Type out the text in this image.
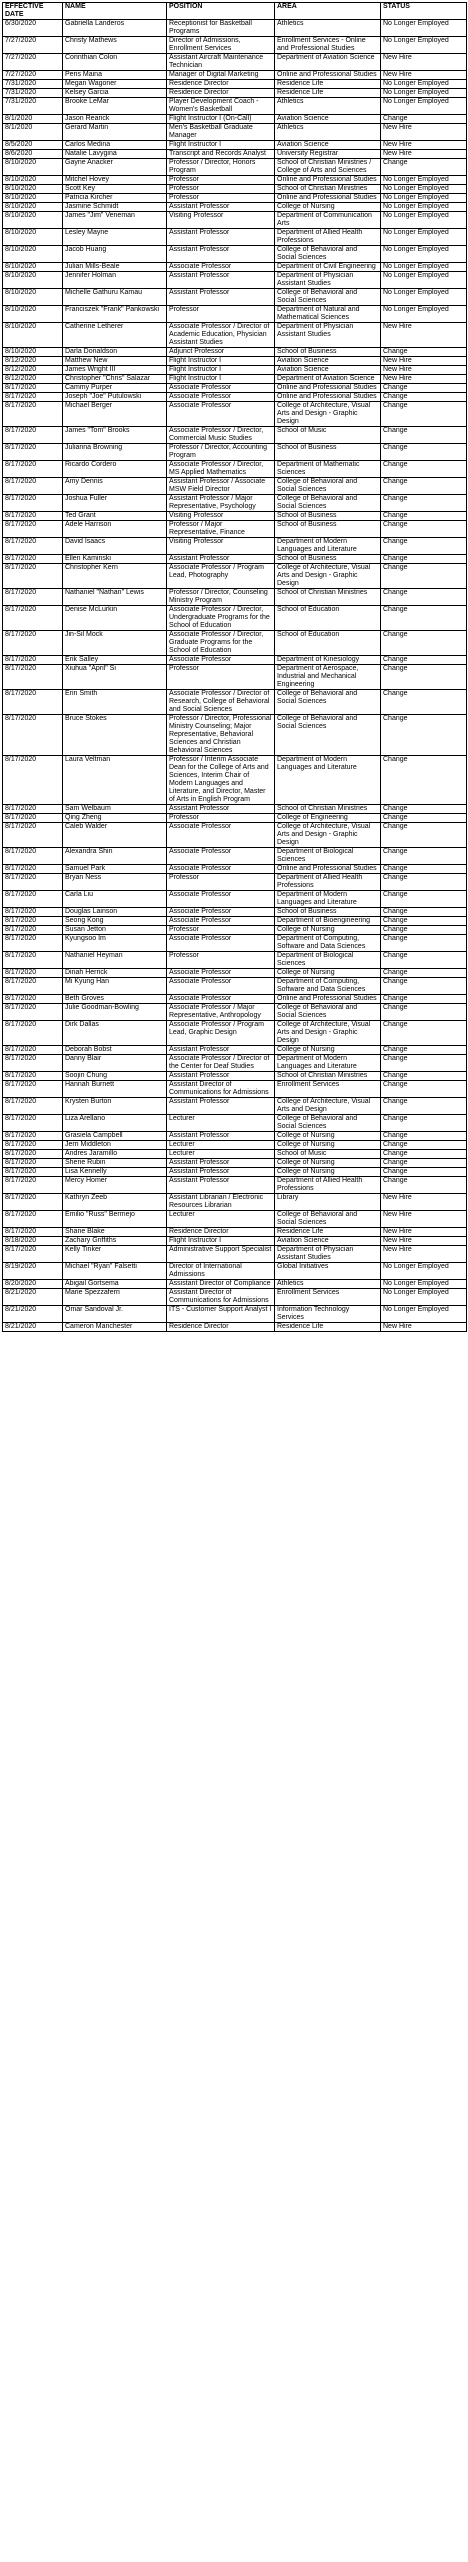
EFFECTIVE DATE	NAME	POSITION	AREA	STATUS
6/30/2020	Gabriella Landeros	Receptionist for Basketball Programs	Athletics	No Longer Employed
7/27/2020	Christy Mathews	Director of Admissions, Enrollment Services	Enrollment Services - Online and Professional Studies	No Longer Employed
7/27/2020	Corinthian Colon	Assistant Aircraft Maintenance Technician	Department of Aviation Science	New Hire
7/27/2020	Peris Maina	Manager of Digital Marketing	Online and Professional Studies	New Hire
7/31/2020	Megan Wagoner	Residence Director	Residence Life	No Longer Employed
7/31/2020	Kelsey Garcia	Residence Director	Residence Life	No Longer Employed
7/31/2020	Brooke LeMar	Player Development Coach - Women's Basketball	Athletics	No Longer Employed
8/1/2020	Jason Rearick	Flight Instructor I (On-Call)	Aviation Science	Change
8/1/2020	Gerard Martin	Men's Basketball Graduate Manager	Athletics	New Hire
8/5/2020	Carlos Medina	Flight Instructor I	Aviation Science	New Hire
8/6/2020	Natalie Lavygina	Transcript and Records Analyst	University Registrar	New Hire
8/10/2020	Gayne Anacker	Professor / Director, Honors Program	School of Christian Ministries / College of Arts and Sciences	Change
8/10/2020	Mitchel Hovey	Professor	Online and Professional Studies	No Longer Employed
8/10/2020	Scott Key	Professor	School of Christian Ministries	No Longer Employed
8/10/2020	Patricia Kircher	Professor	Online and Professional Studies	No Longer Employed
8/10/2020	Jasmine Schmidt	Assistant Professor	College of Nursing	No Longer Employed
8/10/2020	James "Jim" Veneman	Visiting Professor	Department of Communication Arts	No Longer Employed
8/10/2020	Lesley Mayne	Assistant Professor	Department of Allied Health Professions	No Longer Employed
8/10/2020	Jacob Huang	Assistant Professor	College of Behavioral and Social Sciences	No Longer Employed
8/10/2020	Julian Mills-Beale	Associate Professor	Department of Civil Engineering	No Longer Employed
8/10/2020	Jennifer Holman	Assistant Professor	Department of Physician Assistant Studies	No Longer Employed
8/10/2020	Michelle Gathuru Kamau	Assistant Professor	College of Behavioral and Social Sciences	No Longer Employed
8/10/2020	Franciszek "Frank" Pankowski	Professor	Department of Natural and Mathematical Sciences	No Longer Employed
8/10/2020	Catherine Letherer	Associate Professor / Director of Academic Education, Physician Assistant Studies	Department of Physician Assistant Studies	New Hire
8/10/2020	Darla Donaldson	Adjunct Professor	School of Business	Change
8/12/2020	Matthew New	Flight Instructor I	Aviation Science	New Hire
8/12/2020	James Wright III	Flight Instructor I	Aviation Science	New Hire
8/12/2020	Christopher "Chris" Salazar	Flight Instructor I	Department of Aviation Science	New Hire
8/17/2020	Cammy Purper	Associate Professor	Online and Professional Studies	Change
8/17/2020	Joseph "Joe" Putulowski	Associate Professor	Online and Professional Studies	Change
8/17/2020	Michael Berger	Associate Professor	College of Architecture, Visual Arts and Design - Graphic Design	Change
8/17/2020	James "Tom" Brooks	Associate Professor / Director, Commercial Music Studies	School of Music	Change
8/17/2020	Julianna Browning	Professor / Director, Accounting Program	School of Business	Change
8/17/2020	Ricardo Cordero	Associate Professor / Director, MS Applied Mathematics	Department of Mathematic Sciences	Change
8/17/2020	Amy Dennis	Assistant Professor / Associate MSW Field Director	College of Behavioral and Social Sciences	Change
8/17/2020	Joshua Fuller	Assistant Professor / Major Representative, Psychology	College of Behavioral and Social Sciences	Change
8/17/2020	Ted Grant	Visiting Professor	School of Business	Change
8/17/2020	Adele Harrison	Professor / Major Representative, Finance	School of Business	Change
8/17/2020	David Isaacs	Visiting Professor	Department of Modern Languages and Literature	Change
8/17/2020	Ellen Kaminski	Assistant Professor	School of Business	Change
8/17/2020	Christopher Kern	Associate Professor / Program Lead, Photography	College of Architecture, Visual Arts and Design - Graphic Design	Change
8/17/2020	Nathaniel "Nathan" Lewis	Professor / Director, Counseling Ministry Program	School of Christian Ministries	Change
8/17/2020	Denise McLurkin	Associate Professor / Director, Undergraduate Programs for the School of Education	School of Education	Change
8/17/2020	Jin-Sil Mock	Associate Professor / Director, Graduate Programs for the School of Education	School of Education	Change
8/17/2020	Erik Salley	Associate Professor	Department of Kinesiology	Change
8/17/2020	Xiuhua "April" Si	Professor	Department of Aerospace, Industrial and Mechanical Engineering	Change
8/17/2020	Erin Smith	Associate Professor / Director of Research, College of Behavioral and Social Sciences	College of Behavioral and Social Sciences	Change
8/17/2020	Bruce Stokes	Professor / Director, Professional Ministry Counseling; Major Representative, Behavioral Sciences and Christian Behavioral Sciences	College of Behavioral and Social Sciences	Change
8/17/2020	Laura Veltman	Professor / Interim Associate Dean for the College of Arts and Sciences, Interim Chair of Modern Languages and Literature, and Director, Master of Arts in English Program	Department of Modern Languages and Literature	Change
8/17/2020	Sam Welbaum	Assistant Professor	School of Christian Ministries	Change
8/17/2020	Qing Zheng	Professor	College of Engineering	Change
8/17/2020	Caleb Walder	Associate Professor	College of Architecture, Visual Arts and Design - Graphic Design	Change
8/17/2020	Alexandra Shin	Associate Professor	Department of Biological Sciences	Change
8/17/2020	Samuel Park	Associate Professor	Online and Professional Studies	Change
8/17/2020	Bryan Ness	Professor	Department of Allied Health Professions	Change
8/17/2020	Carla Liu	Associate Professor	Department of Modern Languages and Literature	Change
8/17/2020	Douglas Lainson	Associate Professor	School of Business	Change
8/17/2020	Seong Kong	Associate Professor	Department of Bioengineering	Change
8/17/2020	Susan Jetton	Professor	College of Nursing	Change
8/17/2020	Kyungsoo Im	Associate Professor	Department of Computing, Software and Data Sciences	Change
8/17/2020	Nathaniel Heyman	Professor	Department of Biological Sciences	Change
8/17/2020	Dinah Herrick	Associate Professor	College of Nursing	Change
8/17/2020	Mi Kyung Han	Associate Professor	Department of Computing, Software and Data Sciences	Change
8/17/2020	Beth Groves	Associate Professor	Online and Professional Studies	Change
8/17/2020	Julie Goodman-Bowling	Associate Professor / Major Representative, Anthropology	College of Behavioral and Social Sciences	Change
8/17/2020	Dirk Dallas	Associate Professor / Program Lead, Graphic Design	College of Architecture, Visual Arts and Design - Graphic Design	Change
8/17/2020	Deborah Bobst	Assistant Professor	College of Nursing	Change
8/17/2020	Danny Blair	Associate Professor / Director of the Center for Deaf Studies	Department of Modern Languages and Literature	Change
8/17/2020	Soojin Chung	Assistant Professor	School of Christian Ministries	Change
8/17/2020	Hannah Burnett	Assistant Director of Communications for Admissions	Enrollment Services	Change
8/17/2020	Krysten Burton	Assistant Professor	College of Architecture, Visual Arts and Design	Change
8/17/2020	Liza Arellano	Lecturer	College of Behavioral and Social Sciences	Change
8/17/2020	Grasiela Campbell	Assistant Professor	College of Nursing	Change
8/17/2020	Jerri Middleton	Lecturer	College of Nursing	Change
8/17/2020	Andres Jaramillo	Lecturer	School of Music	Change
8/17/2020	Sherie Rubin	Assistant Professor	College of Nursing	Change
8/17/2020	Lisa Kennelly	Assistant Professor	College of Nursing	Change
8/17/2020	Mercy Homer	Assistant Professor	Department of Allied Health Professions	Change
8/17/2020	Kathryn Zeeb	Assistant Librarian / Electronic Resources Librarian	Library	New Hire
8/17/2020	Emilio "Russ" Bermejo	Lecturer	College of Behavioral and Social Sciences	New Hire
8/17/2020	Shane Blake	Residence Director	Residence Life	New Hire
8/18/2020	Zachary Griffiths	Flight Instructor I	Aviation Science	New Hire
8/17/2020	Kelly Tinker	Administrative Support Specialist	Department of Physician Assistant Studies	New Hire
8/19/2020	Michael "Ryan" Falsetti	Director of International Admissions	Global Initiatives	No Longer Employed
8/20/2020	Abigail Gortsema	Assistant Director of Compliance	Athletics	No Longer Employed
8/21/2020	Marie Spezzaferri	Assistant Director of Communications for Admissions	Enrollment Services	No Longer Employed
8/21/2020	Omar Sandoval Jr.	ITS - Customer Support Analyst I	Information Technology Services	No Longer Employed
8/21/2020	Cameron Manchester	Residence Director	Residence Life	New Hire
